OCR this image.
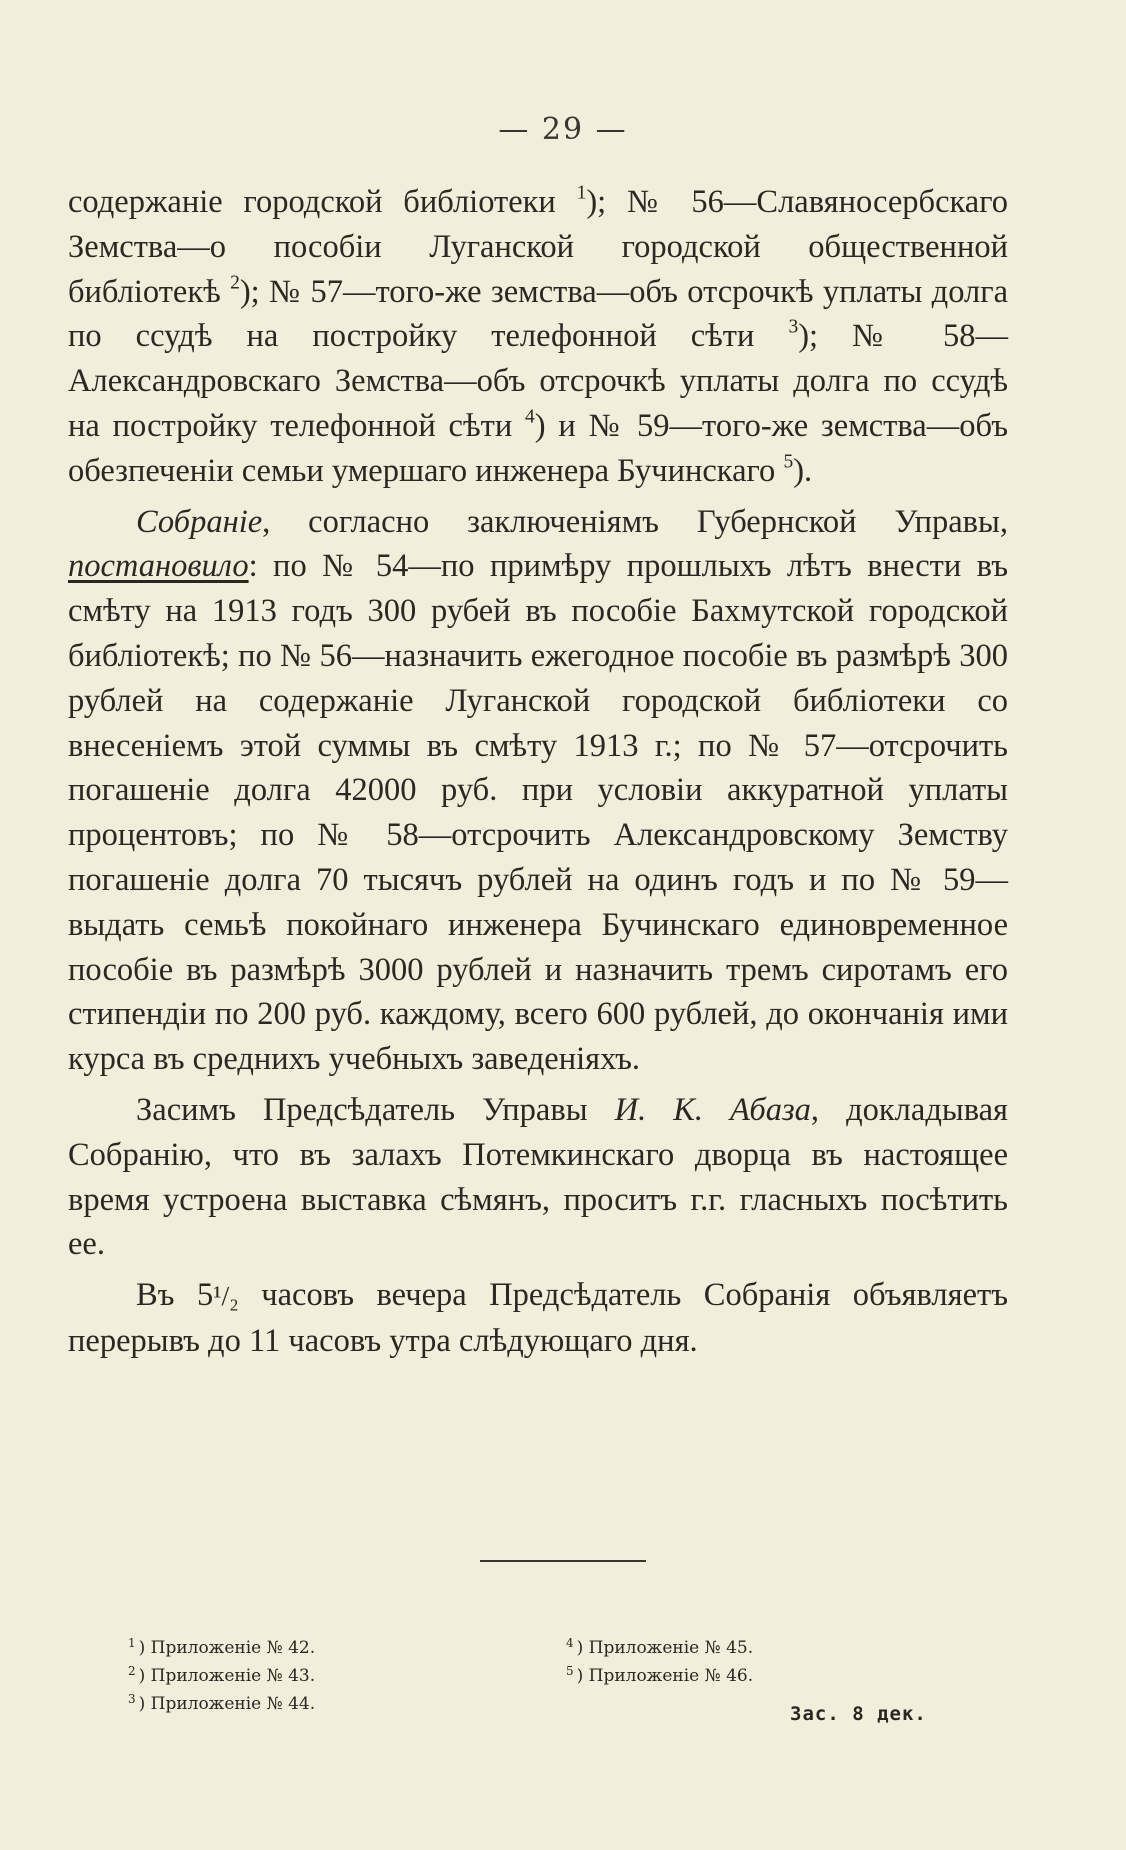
— 29 —

содержаніе городской библіотеки $^1$); № 56—Славяносербскаго Земства—о пособіи Луганской городской общественной библіотекѣ $^2$); № 57—того-же земства—объ отсрочкѣ уплаты долга по ссудѣ на постройку телефонной сѣти $^3$); № 58—Александровскаго Земства—объ отсрочкѣ уплаты долга по ссудѣ на постройку телефонной сѣти $^4$) и № 59—того-же земства—объ обезпеченіи семьи умершаго инженера Бучинскаго $^5$).

Собраніе, согласно заключеніямъ Губернской Управы, постановило: по № 54—по примѣру прошлыхъ лѣтъ внести въ смѣту на 1913 годъ 300 рубей въ пособіе Бахмутской городской библіотекѣ; по № 56—назначить ежегодное пособіе въ размѣрѣ 300 рублей на содержаніе Луганской городской библіотеки со внесеніемъ этой суммы въ смѣту 1913 г.; по № 57—отсрочить погашеніе долга 42000 руб. при условіи аккуратной уплаты процентовъ; по № 58—отсрочить Александровскому Земству погашеніе долга 70 тысячъ рублей на одинъ годъ и по № 59—выдать семьѣ покойнаго инженера Бучинскаго единовременное пособіе въ размѣрѣ 3000 рублей и назначить тремъ сиротамъ его стипендіи по 200 руб. каждому, всего 600 рублей, до окончанія ими курса въ среднихъ учебныхъ заведеніяхъ.

Засимъ Предсѣдатель Управы И. К. Абаза, докладывая Собранію, что въ залахъ Потемкинскаго дворца въ настоящее время устроена выставка сѣмянъ, проситъ г.г. гласныхъ посѣтить ее.

Въ 5¹/₂ часовъ вечера Предсѣдатель Собранія объявляетъ перерывъ до 11 часовъ утра слѣдующаго дня.

$^1$ ) Приложеніе № 42.
$^2$ ) Приложеніе № 43.
$^3$ ) Приложеніе № 44.
$^4$ ) Приложеніе № 45.
$^5$ ) Приложеніе № 46.
Зас. 8 дек.
